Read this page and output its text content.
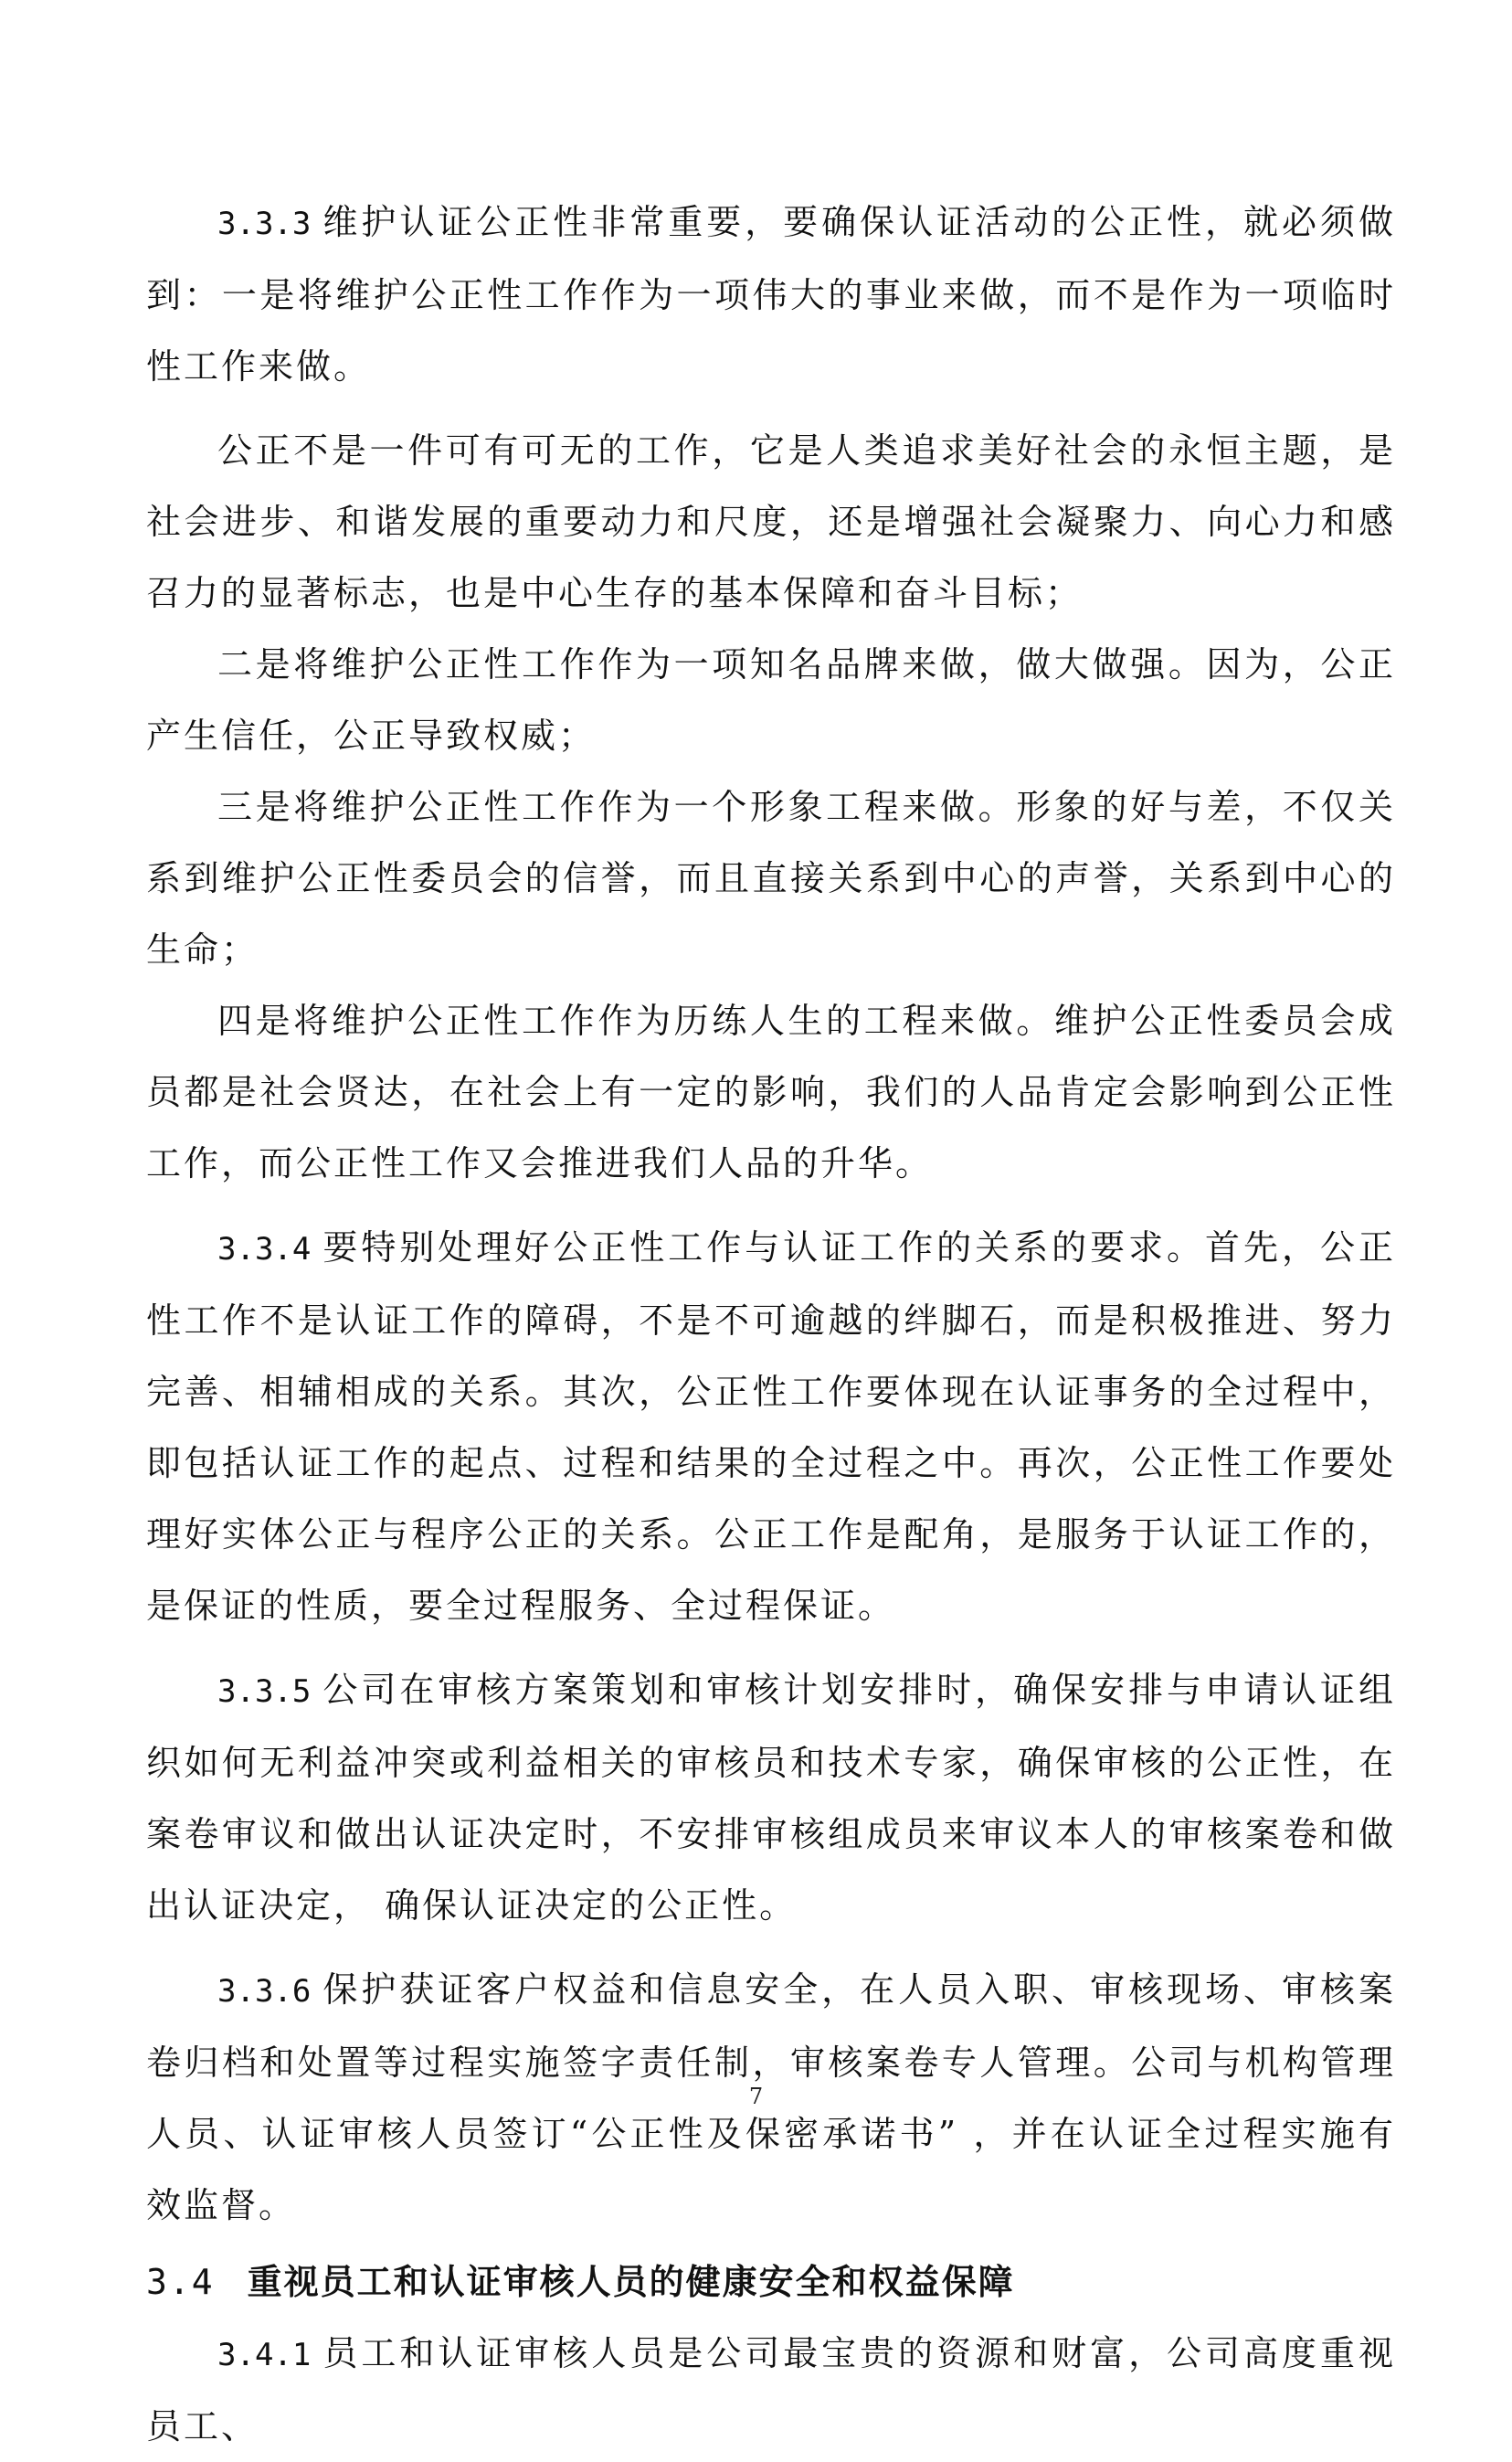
3.3.3 维护认证公正性非常重要，要确保认证活动的公正性，就必须做到：一是将维护公正性工作作为一项伟大的事业来做，而不是作为一项临时性工作来做。

公正不是一件可有可无的工作，它是人类追求美好社会的永恒主题，是社会进步、和谐发展的重要动力和尺度，还是增强社会凝聚力、向心力和感召力的显著标志，也是中心生存的基本保障和奋斗目标；

二是将维护公正性工作作为一项知名品牌来做，做大做强。因为，公正产生信任，公正导致权威；

三是将维护公正性工作作为一个形象工程来做。形象的好与差，不仅关系到维护公正性委员会的信誉，而且直接关系到中心的声誉，关系到中心的生命；

四是将维护公正性工作作为历练人生的工程来做。维护公正性委员会成员都是社会贤达，在社会上有一定的影响，我们的人品肯定会影响到公正性工作，而公正性工作又会推进我们人品的升华。

3.3.4 要特别处理好公正性工作与认证工作的关系的要求。首先，公正性工作不是认证工作的障碍，不是不可逾越的绊脚石，而是积极推进、努力完善、相辅相成的关系。其次，公正性工作要体现在认证事务的全过程中，即包括认证工作的起点、过程和结果的全过程之中。再次，公正性工作要处理好实体公正与程序公正的关系。公正工作是配角，是服务于认证工作的，是保证的性质，要全过程服务、全过程保证。

3.3.5 公司在审核方案策划和审核计划安排时，确保安排与申请认证组织如何无利益冲突或利益相关的审核员和技术专家，确保审核的公正性，在案卷审议和做出认证决定时，不安排审核组成员来审议本人的审核案卷和做出认证决定， 确保认证决定的公正性。

3.3.6 保护获证客户权益和信息安全，在人员入职、审核现场、审核案卷归档和处置等过程实施签字责任制，审核案卷专人管理。公司与机构管理人员、认证审核人员签订“公正性及保密承诺书” ，并在认证全过程实施有效监督。

3.4 重视员工和认证审核人员的健康安全和权益保障

3.4.1 员工和认证审核人员是公司最宝贵的资源和财富，公司高度重视员工、

7
